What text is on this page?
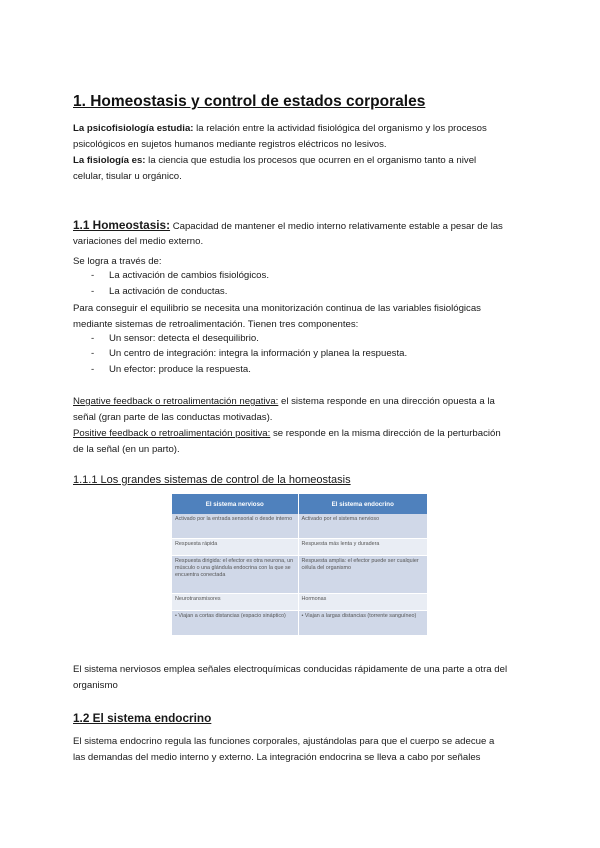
1. Homeostasis y control de estados corporales
La psicofisiología estudia: la relación entre la actividad fisiológica del organismo y los procesos
psicológicos en sujetos humanos mediante registros eléctricos no lesivos.
La fisiología es: la ciencia que estudia los procesos que ocurren en el organismo tanto a nivel
celular, tisular u orgánico.
1.1 Homeostasis: Capacidad de mantener el medio interno relativamente estable a pesar de las
variaciones del medio externo.
Se logra a través de:
- La activación de cambios fisiológicos.
- La activación de conductas.
Para conseguir el equilibrio se necesita una monitorización continua de las variables fisiológicas
mediante sistemas de retroalimentación. Tienen tres componentes:
- Un sensor: detecta el desequilibrio.
- Un centro de integración: integra la información y planea la respuesta.
- Un efector: produce la respuesta.
Negative feedback o retroalimentación negativa: el sistema responde en una dirección opuesta a la
señal (gran parte de las conductas motivadas).
Positive feedback o retroalimentación positiva: se responde en la misma dirección de la perturbación
de la señal (en un parto).
1.1.1 Los grandes sistemas de control de la homeostasis
El sistema nervioso	El sistema endocrino
Activado por la entrada sensorial o desde interno	Activado por el sistema nervioso
Respuesta rápida	Respuesta más lenta y duradera
Respuesta dirigida: el efector es otra neurona, un músculo o una glándula endocrina con la que se encuentra conectada	Respuesta amplia: el efector puede ser cualquier célula del organismo
Neurotransmisores	Hormonas
• Viajan a cortas distancias (espacio sináptico)	• Viajan a largas distancias (torrente sanguíneo)
El sistema nerviosos emplea señales electroquímicas conducidas rápidamente de una parte a otra del
organismo
1.2 El sistema endocrino
El sistema endocrino regula las funciones corporales, ajustándolas para que el cuerpo se adecue a
las demandas del medio interno y externo. La integración endocrina se lleva a cabo por señales
